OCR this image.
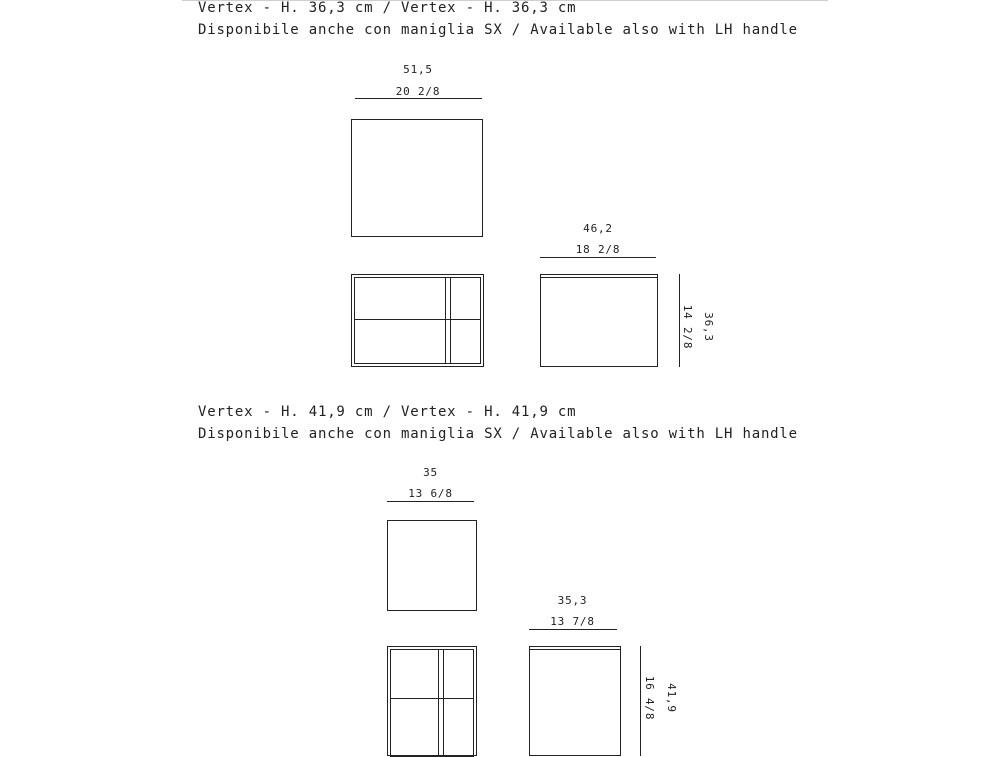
Vertex - H. 36,3 cm / Vertex - H. 36,3 cm
Disponibile anche con maniglia SX / Available also with LH handle
51,5
20 2/8
46,2
18 2/8
14 2/8 36,3
Vertex - H. 41,9 cm / Vertex - H. 41,9 cm
Disponibile anche con maniglia SX / Available also with LH handle
35
13 6/8
35,3
13 7/8
16 4/8 41,9
